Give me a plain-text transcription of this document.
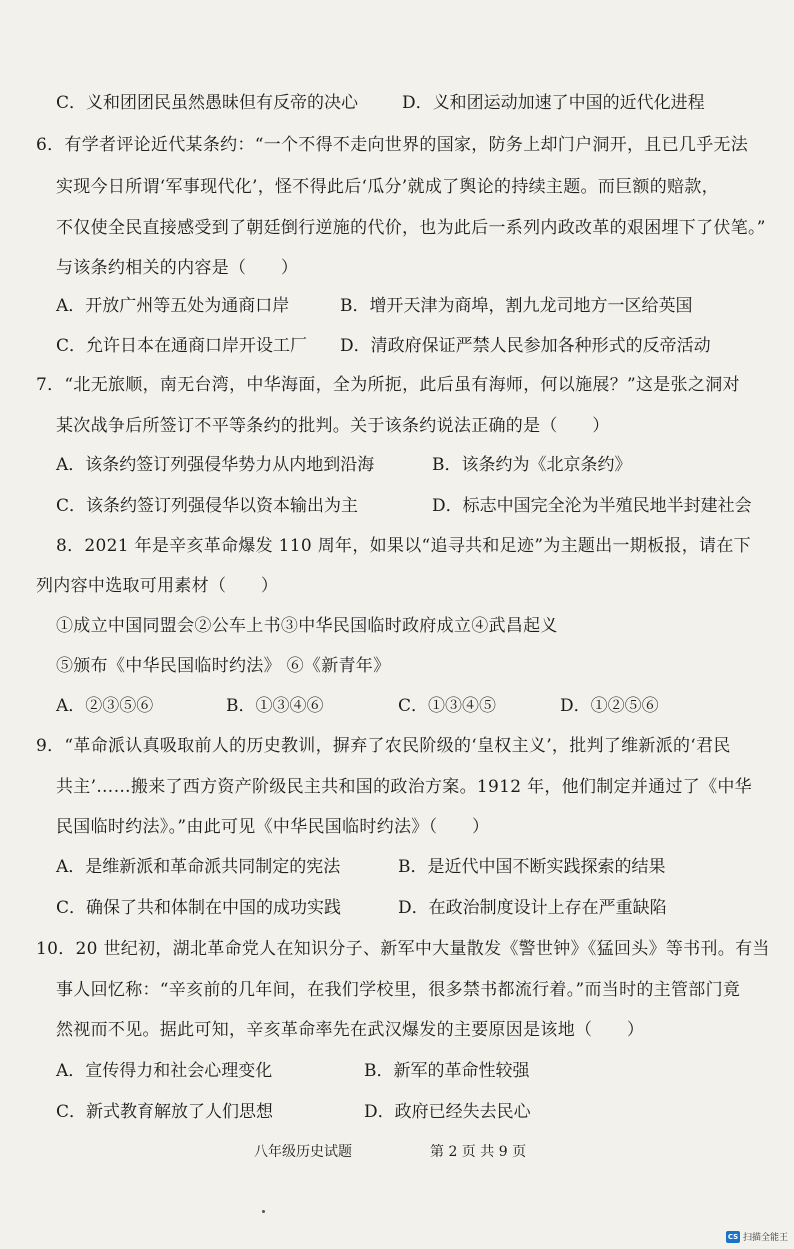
C．义和团团民虽然愚昧但有反帝的决心	D．义和团运动加速了中国的近代化进程
6．有学者评论近代某条约：“一个不得不走向世界的国家，防务上却门户洞开，且已几乎无法
实现今日所谓‘军事现代化’，怪不得此后‘瓜分’就成了舆论的持续主题。而巨额的赔款，
不仅使全民直接感受到了朝廷倒行逆施的代价，也为此后一系列内政改革的艰困埋下了伏笔。”
与该条约相关的内容是（　　）
A．开放广州等五处为通商口岸	B．增开天津为商埠，割九龙司地方一区给英国
C．允许日本在通商口岸开设工厂 D．清政府保证严禁人民参加各种形式的反帝活动
7．“北无旅顺，南无台湾，中华海面，全为所扼，此后虽有海师，何以施展？”这是张之洞对
某次战争后所签订不平等条约的批判。关于该条约说法正确的是（　　）
A．该条约签订列强侵华势力从内地到沿海	B．该条约为《北京条约》
C．该条约签订列强侵华以资本输出为主	D．标志中国完全沦为半殖民地半封建社会
8．2021 年是辛亥革命爆发 110 周年，如果以“追寻共和足迹”为主题出一期板报，请在下
列内容中选取可用素材（　　）
①成立中国同盟会②公车上书③中华民国临时政府成立④武昌起义
⑤颁布《中华民国临时约法》 ⑥《新青年》
A．②③⑤⑥	B．①③④⑥	C．①③④⑤	D．①②⑤⑥
9．“革命派认真吸取前人的历史教训，摒弃了农民阶级的‘皇权主义’，批判了维新派的‘君民
共主’……搬来了西方资产阶级民主共和国的政治方案。1912 年，他们制定并通过了《中华
民国临时约法》。”由此可见《中华民国临时约法》（　　）
A．是维新派和革命派共同制定的宪法	B．是近代中国不断实践探索的结果
C．确保了共和体制在中国的成功实践	D．在政治制度设计上存在严重缺陷
10．20 世纪初，湖北革命党人在知识分子、新军中大量散发《警世钟》《猛回头》等书刊。有当
事人回忆称：“辛亥前的几年间，在我们学校里，很多禁书都流行着。”而当时的主管部门竟
然视而不见。据此可知，辛亥革命率先在武汉爆发的主要原因是该地（　　）
A．宣传得力和社会心理变化	B．新军的革命性较强
C．新式教育解放了人们思想	D．政府已经失去民心
八年级历史试题	第 2 页 共 9 页
CS 扫描全能王
